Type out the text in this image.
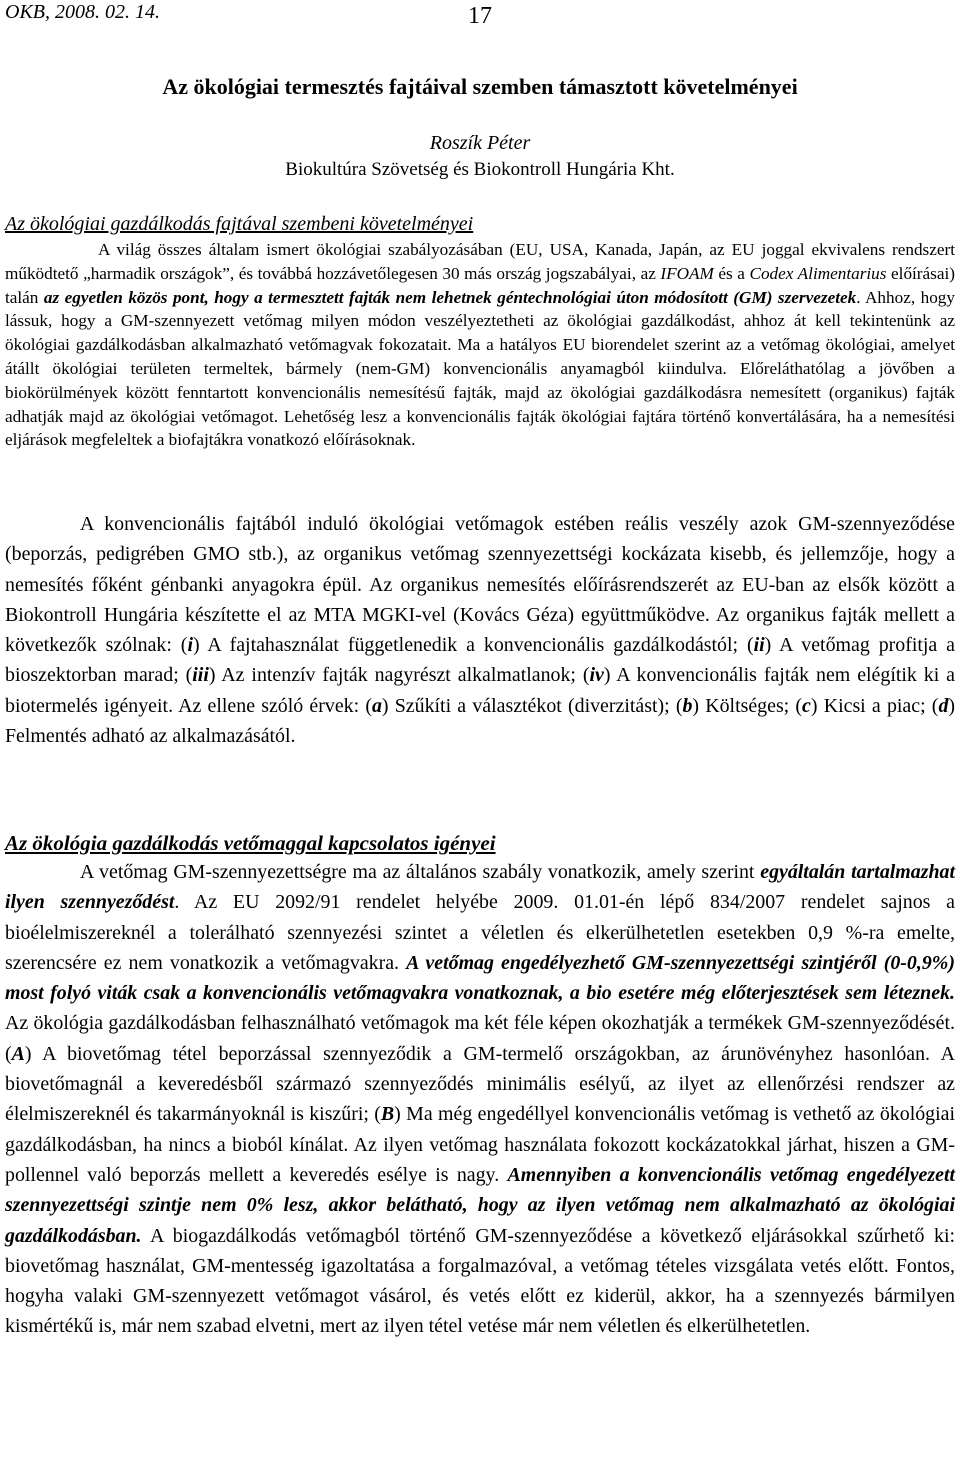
OKB, 2008. 02. 14.	17
Az ökológiai termesztés fajtáival szemben támasztott követelményei
Roszík Péter
Biokultúra Szövetség és Biokontroll Hungária Kht.
Az ökológiai gazdálkodás fajtával szembeni követelményei
A világ összes általam ismert ökológiai szabályozásában (EU, USA, Kanada, Japán, az EU joggal ekvivalens rendszert működtető „harmadik országok”, és továbbá hozzávetőlegesen 30 más ország jogszabályai, az IFOAM és a Codex Alimentarius előírásai) talán az egyetlen közös pont, hogy a termesztett fajták nem lehetnek géntechnológiai úton módosított (GM) szervezetek. Ahhoz, hogy lássuk, hogy a GM-szennyezett vetőmag milyen módon veszélyeztetheti az ökológiai gazdálkodást, ahhoz át kell tekintenünk az ökológiai gazdálkodásban alkalmazható vetőmagvak fokozatait. Ma a hatályos EU biorendelet szerint az a vetőmag ökológiai, amelyet átállt ökológiai területen termeltek, bármely (nem-GM) konvencionális anyamagból kiindulva. Előreláthatólag a jövőben a biokörülmények között fenntartott konvencionális nemesítésű fajták, majd az ökológiai gazdálkodásra nemesített (organikus) fajták adhatják majd az ökológiai vetőmagot. Lehetőség lesz a konvencionális fajták ökológiai fajtára történő konvertálására, ha a nemesítési eljárások megfeleltek a biofajtákra vonatkozó előírásoknak.
A konvencionális fajtából induló ökológiai vetőmagok estében reális veszély azok GM-szennyeződése (beporzás, pedigrében GMO stb.), az organikus vetőmag szennyezettségi kockázata kisebb, és jellemzője, hogy a nemesítés főként génbanki anyagokra épül. Az organikus nemesítés előírásrendszerét az EU-ban az elsők között a Biokontroll Hungária készítette el az MTA MGKI-vel (Kovács Géza) együttműködve. Az organikus fajták mellett a következők szólnak: (i) A fajtahasználat függetlenedik a konvencionális gazdálkodástól; (ii) A vetőmag profitja a bioszektorban marad; (iii) Az intenzív fajták nagyrészt alkalmatlanok; (iv) A konvencionális fajták nem elégítik ki a biotermelés igényeit. Az ellene szóló érvek: (a) Szűkíti a választékot (diverzitást); (b) Költséges; (c) Kicsi a piac; (d) Felmentés adható az alkalmazásától.
Az ökológia gazdálkodás vetőmaggal kapcsolatos igényei
A vetőmag GM-szennyezettségre ma az általános szabály vonatkozik, amely szerint egyáltalán tartalmazhat ilyen szennyeződést. Az EU 2092/91 rendelet helyébe 2009. 01.01-én lépő 834/2007 rendelet sajnos a bioélelmiszereknél a tolerálható szennyezési szintet a véletlen és elkerülhetetlen esetekben 0,9 %-ra emelte, szerencsére ez nem vonatkozik a vetőmagvakra. A vetőmag engedélyezhető GM-szennyezettségi szintjéről (0-0,9%) most folyó viták csak a konvencionális vetőmagvakra vonatkoznak, a bio esetére még előterjesztések sem léteznek. Az ökológia gazdálkodásban felhasználható vetőmagok ma két féle képen okozhatják a termékek GM-szennyeződését. (A) A biovetőmag tétel beporzással szennyeződik a GM-termelő országokban, az árunövényhez hasonlóan. A biovetőmagnál a keveredésből származó szennyeződés minimális esélyű, az ilyet az ellenőrzési rendszer az élelmiszereknél és takarmányoknál is kiszűri; (B) Ma még engedéllyel konvencionális vetőmag is vethető az ökológiai gazdálkodásban, ha nincs a bioból kínálat. Az ilyen vetőmag használata fokozott kockázatokkal járhat, hiszen a GM-pollennel való beporzás mellett a keveredés esélye is nagy. Amennyiben a konvencionális vetőmag engedélyezett szennyezettségi szintje nem 0% lesz, akkor belátható, hogy az ilyen vetőmag nem alkalmazható az ökológiai gazdálkodásban. A biogazdálkodás vetőmagból történő GM-szennyeződése a következő eljárásokkal szűrhető ki: biovetőmag használat, GM-mentesség igazoltatása a forgalmazóval, a vetőmag tételes vizsgálata vetés előtt. Fontos, hogyha valaki GM-szennyezett vetőmagot vásárol, és vetés előtt ez kiderül, akkor, ha a szennyezés bármilyen kismértékű is, már nem szabad elvetni, mert az ilyen tétel vetése már nem véletlen és elkerülhetetlen.
